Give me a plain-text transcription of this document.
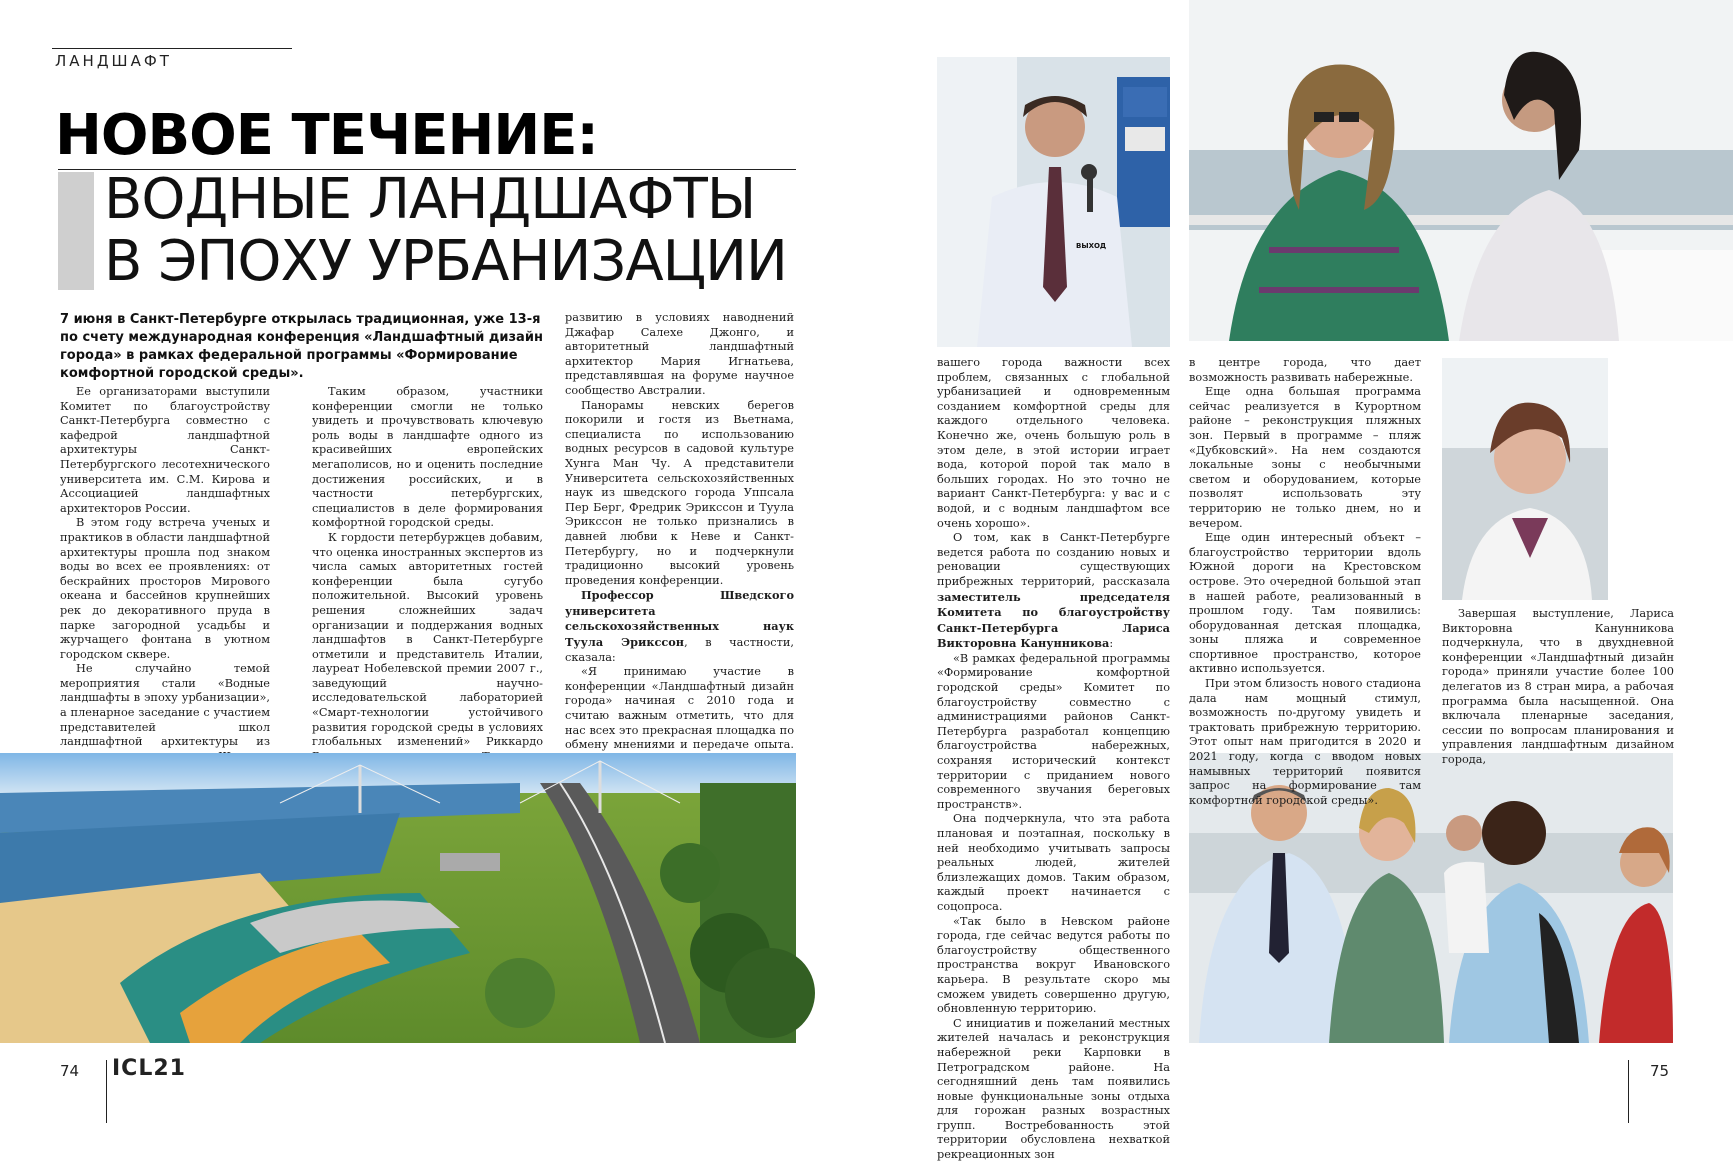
ЛАНДШАФТ
НОВОЕ ТЕЧЕНИЕ:
ВОДНЫЕ ЛАНДШАФТЫ
В ЭПОХУ УРБАНИЗАЦИИ
7 июня в Санкт-Петербурге открылась традиционная, уже 13-я по счету международная конференция «Ландшафтный дизайн города» в рамках федеральной программы «Формирование комфортной городской среды».

Ее организаторами выступили Комитет по благоустройству Санкт-Петербурга совместно с кафедрой ландшафтной архитектуры Санкт-Петербургского лесотехнического университета им. С.М. Кирова и Ассоциацией ландшафтных архитекторов России.

В этом году встреча ученых и практиков в области ландшафтной архитектуры прошла под знаком воды во всех ее проявлениях: от бескрайних просторов Мирового океана и бассейнов крупнейших рек до декоративного пруда в парке загородной усадьбы и журчащего фонтана в уютном городском сквере.

Не случайно темой мероприятия стали «Водные ландшафты в эпоху урбанизации», а пленарное заседание с участием представителей школ ландшафтной архитектуры из

Таким образом, участники конференции смогли не только увидеть и прочувствовать ключевую роль воды в ландшафте одного из красивейших европейских мегаполисов, но и оценить последние достижения российских, и в частности петербургских, специалистов в деле формирования комфортной городской среды.

К гордости петербуржцев добавим, что оценка иностранных экспертов из числа самых авторитетных гостей конференции была сугубо положительной. Высокий уровень решения сложнейших задач организации и поддержания водных ландшафтов в Санкт-Петербурге отметили и представитель Италии, лауреат Нобелевской премии 2007 г., заведующий научно-исследовательской лабораторией «Смарт-технологии устойчивого развития городской среды в условиях глобальных изменений» Риккардо

развитию в условиях наводнений Джафар Салехе Джонго, и авторитетный ландшафтный архитектор Мария Игнатьева, представлявшая на форуме научное сообщество Австралии.

Панорамы невских берегов покорили и гостя из Вьетнама, специалиста по использованию водных ресурсов в садовой культуре Хунга Ман Чу. А представители Университета сельскохозяйственных наук из шведского города Уппсала Пер Берг, Фредрик Эрикссон и Туула Эрикссон не только признались в давней любви к Неве и Санкт-Петербургу, но и подчеркнули традиционно высокий уровень проведения конференции.

Профессор Шведского университета сельскохозяйственных наук Туула Эрикссон, в частности, сказала:

«Я принимаю участие в конференции «Ландшафтный дизайн города» начиная с 2010 года и считаю важным отметить, что для нас всех это прекрасная площадка по обмену мнениями и передаче опыта.

74 ICL21
ВЫХОД

вашего города важности всех проблем, связанных с глобальной урбанизацией и одновременным созданием комфортной среды для каждого отдельного человека. Конечно же, очень большую роль в этом деле, в этой истории играет вода, которой порой так мало в больших городах. Но это точно не вариант Санкт-Петербурга: у вас и с водой, и с водным ландшафтом все очень хорошо».

О том, как в Санкт-Петербурге ведется работа по созданию новых и реновации существующих прибрежных территорий, рассказала заместитель председателя Комитета по благоустройству Санкт-Петербурга Лариса Викторовна Канунникова:

«В рамках федеральной программы «Формирование комфортной городской среды» Комитет по благоустройству совместно с администрациями районов Санкт-Петербурга разработал концепцию благоустройства набережных, сохраняя исторический контекст территории с приданием нового современного звучания береговых пространств».

Она подчеркнула, что эта работа плановая и поэтапная, поскольку в ней необходимо учитывать запросы реальных людей, жителей близлежащих домов. Таким образом, каждый проект начинается с соцопроса.

«Так было в Невском районе города, где сейчас ведутся работы по благоустройству общественного пространства вокруг Ивановского карьера. В результате скоро мы сможем увидеть совершенно другую, обновленную территорию.

С инициатив и пожеланий местных жителей началась и реконструкция набережной реки Карповки в Петроградском районе. На сегодняшний день там появились новые функциональные зоны отдыха для горожан разных возрастных групп. Востребованность этой территории обусловлена нехваткой рекреационных зон

в центре города, что дает возможность развивать набережные.

Еще одна большая программа сейчас реализуется в Курортном районе – реконструкция пляжных зон. Первый в программе – пляж «Дубковский». На нем создаются локальные зоны с необычными светом и оборудованием, которые позволят использовать эту территорию не только днем, но и вечером.

Еще один интересный объект – благоустройство территории вдоль Южной дороги на Крестовском острове. Это очередной большой этап в нашей работе, реализованный в прошлом году. Там появились: оборудованная детская площадка, зоны пляжа и современное спортивное пространство, которое активно используется.

При этом близость нового стадиона дала нам мощный стимул, возможность по-другому увидеть и трактовать прибрежную территорию. Этот опыт нам пригодится в 2020 и 2021 году, когда с вводом новых намывных территорий появится запрос на формирование там комфортной городской среды».

Завершая выступление, Лариса Викторовна Канунникова подчеркнула, что в двухдневной конференции «Ландшафтный дизайн города» приняли участие более 100 делегатов из 8 стран мира, а рабочая программа была насыщенной. Она включала пленарные заседания, сессии по вопросам планирования и управления ландшафтным дизайном города,

75
